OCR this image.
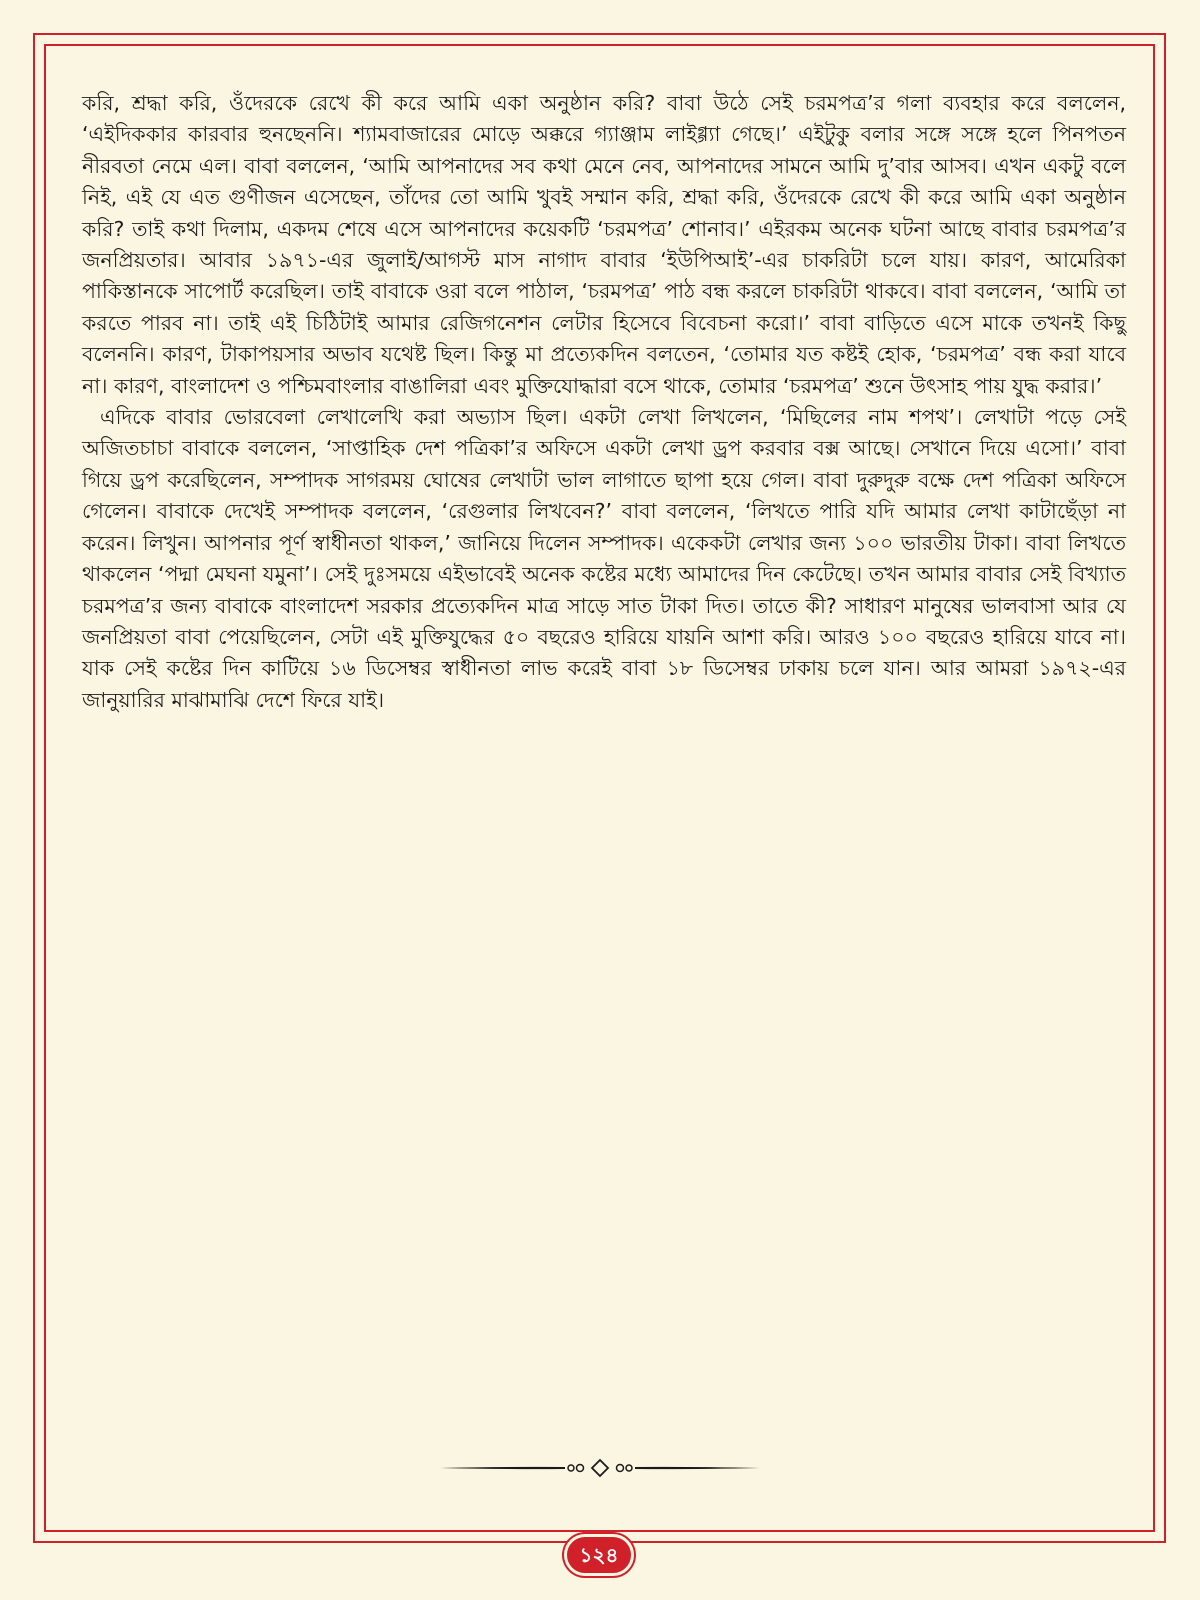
করি, শ্রদ্ধা করি, ওঁদেরকে রেখে কী করে আমি একা অনুষ্ঠান করি? বাবা উঠে সেই চরমপত্র’র গলা ব্যবহার করে বললেন, ‘এইদিককার কারবার হুনছেননি। শ্যামবাজারের মোড়ে অক্করে গ্যাঞ্জাম লাইগ্গ্যা গেছে।’ এইটুকু বলার সঙ্গে সঙ্গে হলে পিনপতন নীরবতা নেমে এল। বাবা বললেন, ‘আমি আপনাদের সব কথা মেনে নেব, আপনাদের সামনে আমি দু’বার আসব। এখন একটু বলে নিই, এই যে এত গুণীজন এসেছেন, তাঁদের তো আমি খুবই সম্মান করি, শ্রদ্ধা করি, ওঁদেরকে রেখে কী করে আমি একা অনুষ্ঠান করি? তাই কথা দিলাম, একদম শেষে এসে আপনাদের কয়েকটি ‘চরমপত্র’ শোনাব।’ এইরকম অনেক ঘটনা আছে বাবার চরমপত্র’র জনপ্রিয়তার। আবার ১৯৭১-এর জুলাই/আগস্ট মাস নাগাদ বাবার ‘ইউপিআই’-এর চাকরিটা চলে যায়। কারণ, আমেরিকা পাকিস্তানকে সাপোর্ট করেছিল। তাই বাবাকে ওরা বলে পাঠাল, ‘চরমপত্র’ পাঠ বন্ধ করলে চাকরিটা থাকবে। বাবা বললেন, ‘আমি তা করতে পারব না। তাই এই চিঠিটাই আমার রেজিগনেশন লেটার হিসেবে বিবেচনা করো।’ বাবা বাড়িতে এসে মাকে তখনই কিছু বলেননি। কারণ, টাকাপয়সার অভাব যথেষ্ট ছিল। কিন্তু মা প্রত্যেকদিন বলতেন, ‘তোমার যত কষ্টই হোক, ‘চরমপত্র’ বন্ধ করা যাবে না। কারণ, বাংলাদেশ ও পশ্চিমবাংলার বাঙালিরা এবং মুক্তিযোদ্ধারা বসে থাকে, তোমার ‘চরমপত্র’ শুনে উৎসাহ পায় যুদ্ধ করার।’

এদিকে বাবার ভোরবেলা লেখালেখি করা অভ্যাস ছিল। একটা লেখা লিখলেন, ‘মিছিলের নাম শপথ’। লেখাটা পড়ে সেই অজিতচাচা বাবাকে বললেন, ‘সাপ্তাহিক দেশ পত্রিকা’র অফিসে একটা লেখা ড্রপ করবার বক্স আছে। সেখানে দিয়ে এসো।’ বাবা গিয়ে ড্রপ করেছিলেন, সম্পাদক সাগরময় ঘোষের লেখাটা ভাল লাগাতে ছাপা হয়ে গেল। বাবা দুরুদুরু বক্ষে দেশ পত্রিকা অফিসে গেলেন। বাবাকে দেখেই সম্পাদক বললেন, ‘রেগুলার লিখবেন?’ বাবা বললেন, ‘লিখতে পারি যদি আমার লেখা কাটাছেঁড়া না করেন। লিখুন। আপনার পূর্ণ স্বাধীনতা থাকল,’ জানিয়ে দিলেন সম্পাদক। একেকটা লেখার জন্য ১০০ ভারতীয় টাকা। বাবা লিখতে থাকলেন ‘পদ্মা মেঘনা যমুনা’। সেই দুঃসময়ে এইভাবেই অনেক কষ্টের মধ্যে আমাদের দিন কেটেছে। তখন আমার বাবার সেই বিখ্যাত চরমপত্র’র জন্য বাবাকে বাংলাদেশ সরকার প্রত্যেকদিন মাত্র সাড়ে সাত টাকা দিত। তাতে কী? সাধারণ মানুষের ভালবাসা আর যে জনপ্রিয়তা বাবা পেয়েছিলেন, সেটা এই মুক্তিযুদ্ধের ৫০ বছরেও হারিয়ে যায়নি আশা করি। আরও ১০০ বছরেও হারিয়ে যাবে না। যাক সেই কষ্টের দিন কাটিয়ে ১৬ ডিসেম্বর স্বাধীনতা লাভ করেই বাবা ১৮ ডিসেম্বর ঢাকায় চলে যান। আর আমরা ১৯৭২-এর জানুয়ারির মাঝামাঝি দেশে ফিরে যাই।

১২৪
